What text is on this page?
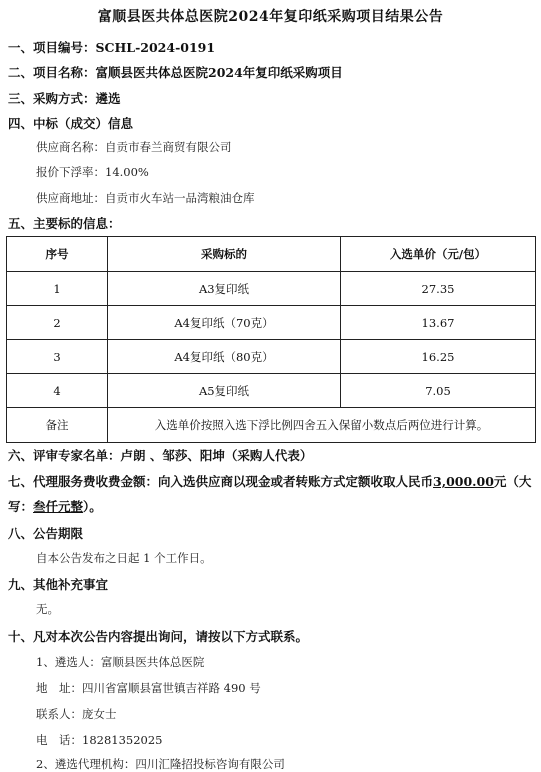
富顺县医共体总医院2024年复印纸采购项目结果公告
一、项目编号：SCHL-2024-0191
二、项目名称：富顺县医共体总医院2024年复印纸采购项目
三、采购方式：遴选
四、中标（成交）信息
供应商名称：自贡市春兰商贸有限公司
报价下浮率：14.00%
供应商地址：自贡市火车站一品湾粮油仓库
五、主要标的信息：
序号	采购标的	入选单价（元/包）
1	A3复印纸	27.35
2	A4复印纸（70克）	13.67
3	A4复印纸（80克）	16.25
4	A5复印纸	7.05
备注	入选单价按照入选下浮比例四舍五入保留小数点后两位进行计算。	
六、评审专家名单：卢朗 、邹莎、阳坤（采购人代表）
七、代理服务费收费金额：向入选供应商以现金或者转账方式定额收取人民币3,000.00元（大
写：叁仟元整）。
八、公告期限
自本公告发布之日起 1 个工作日。
九、其他补充事宜
无。
十、凡对本次公告内容提出询问，请按以下方式联系。
1、遴选人：富顺县医共体总医院
地　址：四川省富顺县富世镇吉祥路 490 号
联系人：庞女士
电　话：18281352025
2、遴选代理机构：四川汇隆招投标咨询有限公司
